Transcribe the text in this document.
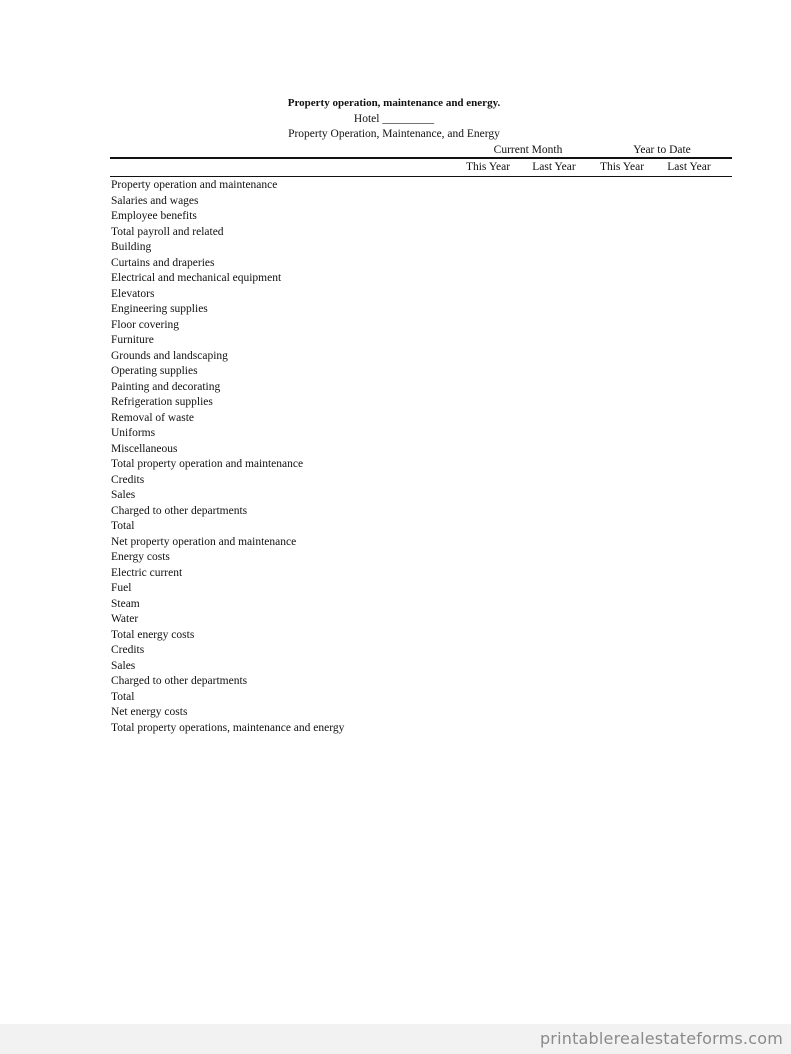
Property operation, maintenance and energy.
Hotel _________
Property Operation, Maintenance, and Energy
Current Month	Year to Date
This Year	Last Year	This Year	Last Year
Property operation and maintenance
Salaries and wages
Employee benefits
Total payroll and related
Building
Curtains and draperies
Electrical and mechanical equipment
Elevators
Engineering supplies
Floor covering
Furniture
Grounds and landscaping
Operating supplies
Painting and decorating
Refrigeration supplies
Removal of waste
Uniforms
Miscellaneous
Total property operation and maintenance
Credits
Sales
Charged to other departments
Total
Net property operation and maintenance
Energy costs
Electric current
Fuel
Steam
Water
Total energy costs
Credits
Sales
Charged to other departments
Total
Net energy costs
Total property operations, maintenance and energy
printablerealestateforms.com
